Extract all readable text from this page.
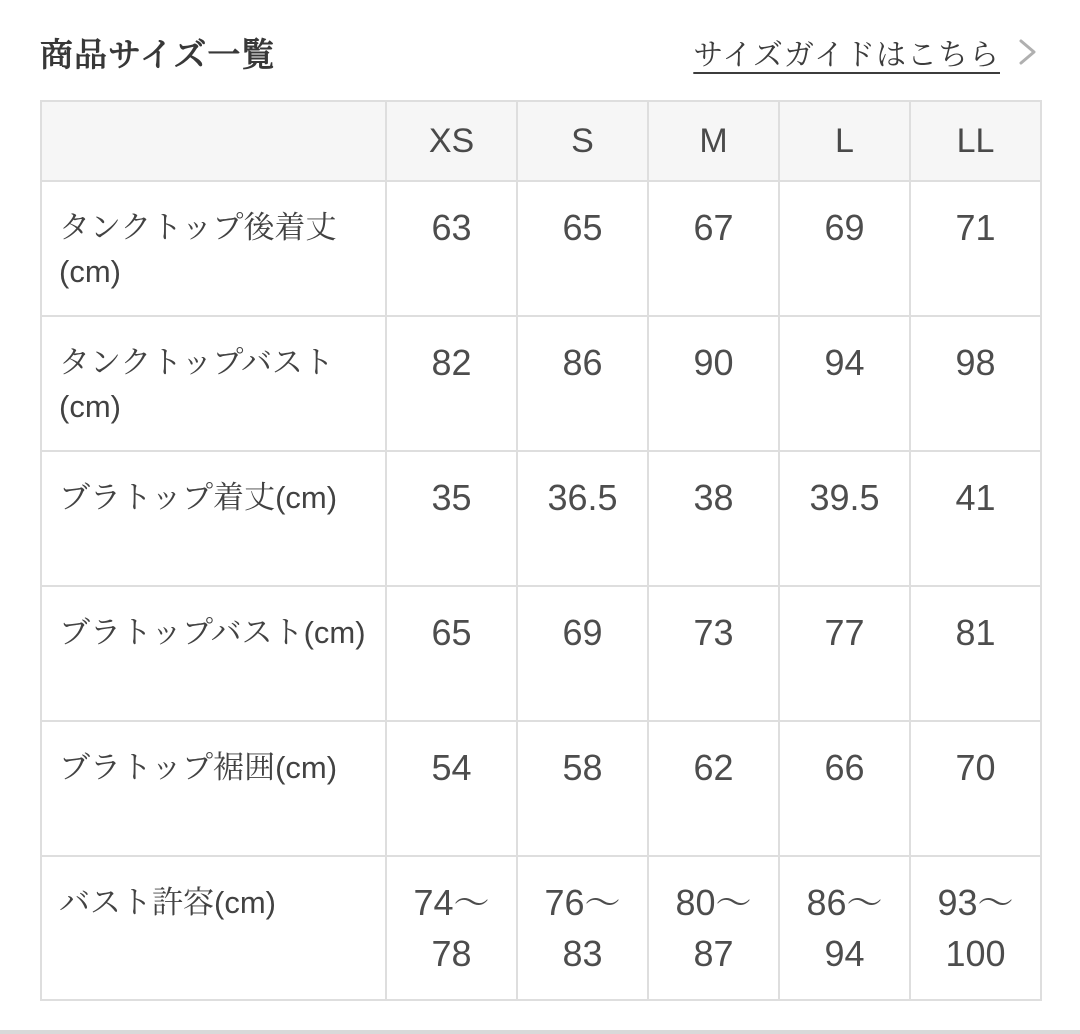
商品サイズ一覧	サイズガイドはこちら
	XS	S	M	L	LL
タンクトップ後着丈(cm)	63	65	67	69	71
タンクトップバスト(cm)	82	86	90	94	98
ブラトップ着丈(cm)	35	36.5	38	39.5	41
ブラトップバスト(cm)	65	69	73	77	81
ブラトップ裾囲(cm)	54	58	62	66	70
バスト許容(cm)	74〜78	76〜83	80〜87	86〜94	93〜100
